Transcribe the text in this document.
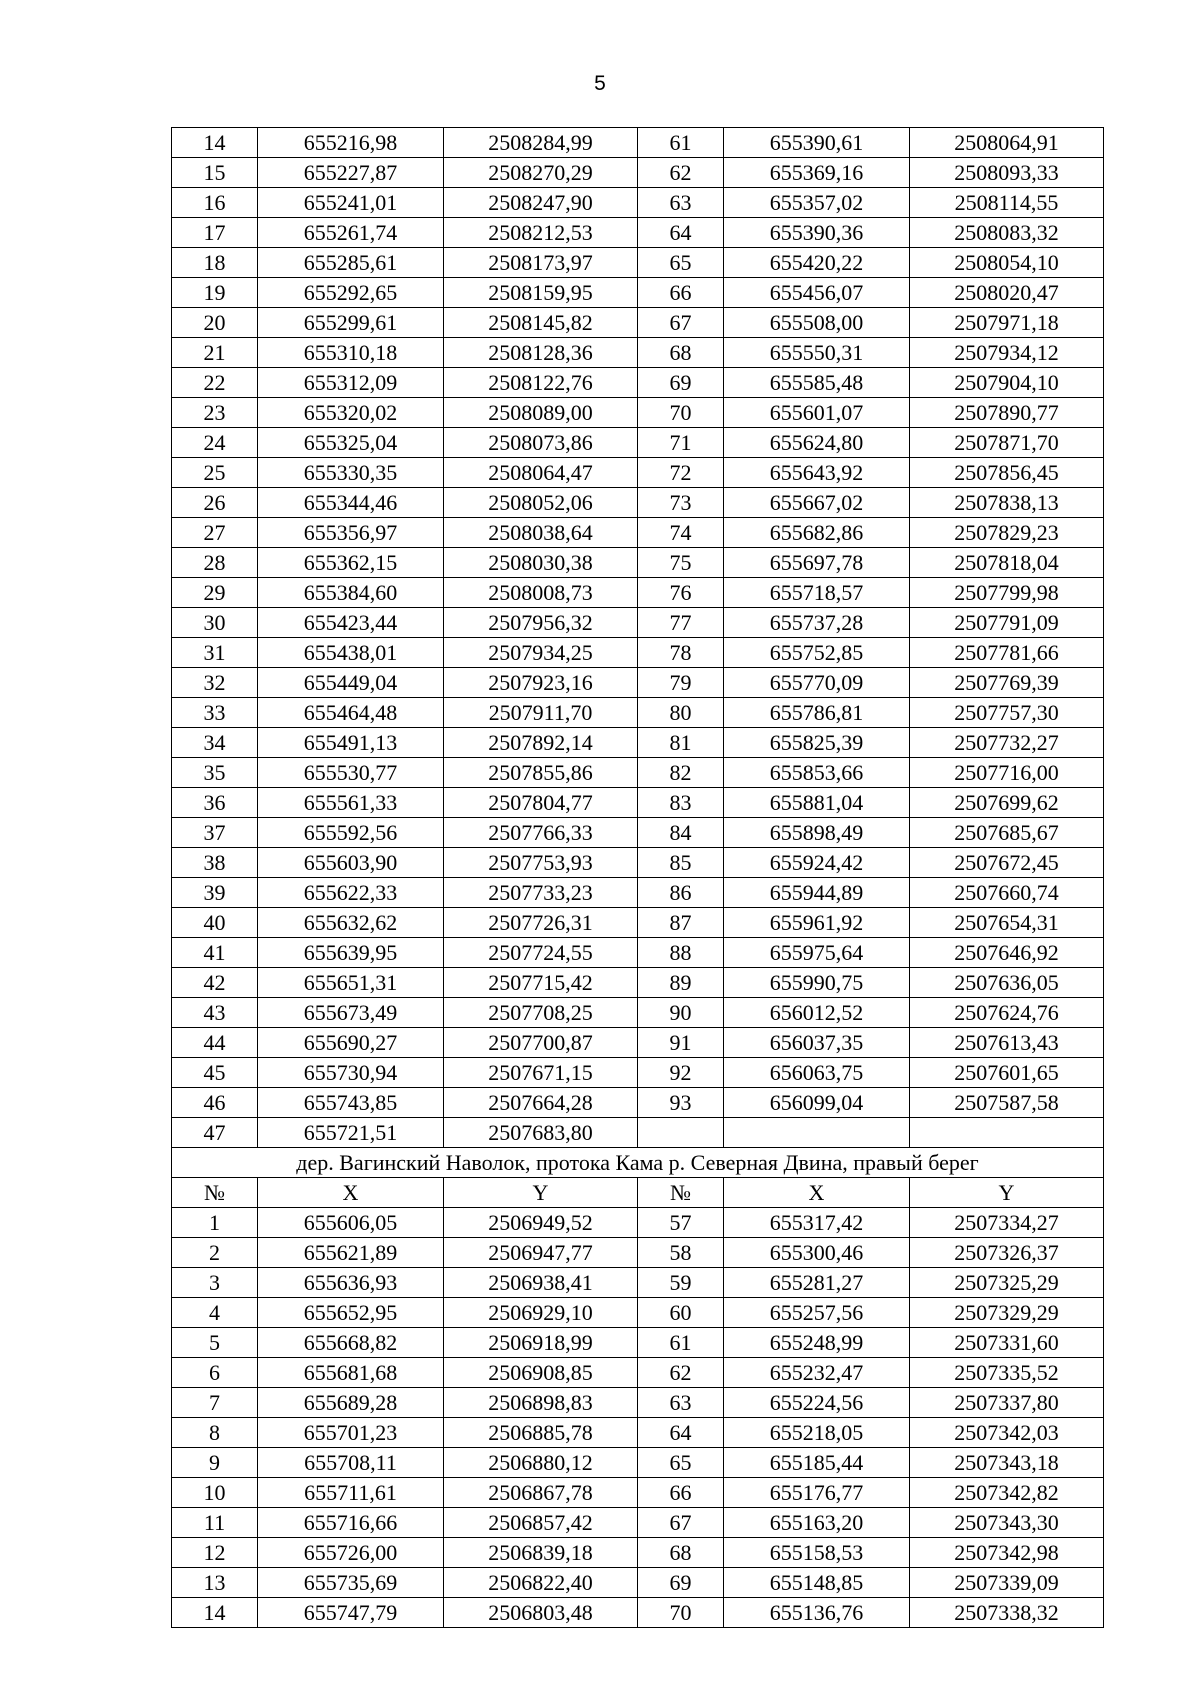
5
14	655216,98	2508284,99	61	655390,61	2508064,91
15	655227,87	2508270,29	62	655369,16	2508093,33
16	655241,01	2508247,90	63	655357,02	2508114,55
17	655261,74	2508212,53	64	655390,36	2508083,32
18	655285,61	2508173,97	65	655420,22	2508054,10
19	655292,65	2508159,95	66	655456,07	2508020,47
20	655299,61	2508145,82	67	655508,00	2507971,18
21	655310,18	2508128,36	68	655550,31	2507934,12
22	655312,09	2508122,76	69	655585,48	2507904,10
23	655320,02	2508089,00	70	655601,07	2507890,77
24	655325,04	2508073,86	71	655624,80	2507871,70
25	655330,35	2508064,47	72	655643,92	2507856,45
26	655344,46	2508052,06	73	655667,02	2507838,13
27	655356,97	2508038,64	74	655682,86	2507829,23
28	655362,15	2508030,38	75	655697,78	2507818,04
29	655384,60	2508008,73	76	655718,57	2507799,98
30	655423,44	2507956,32	77	655737,28	2507791,09
31	655438,01	2507934,25	78	655752,85	2507781,66
32	655449,04	2507923,16	79	655770,09	2507769,39
33	655464,48	2507911,70	80	655786,81	2507757,30
34	655491,13	2507892,14	81	655825,39	2507732,27
35	655530,77	2507855,86	82	655853,66	2507716,00
36	655561,33	2507804,77	83	655881,04	2507699,62
37	655592,56	2507766,33	84	655898,49	2507685,67
38	655603,90	2507753,93	85	655924,42	2507672,45
39	655622,33	2507733,23	86	655944,89	2507660,74
40	655632,62	2507726,31	87	655961,92	2507654,31
41	655639,95	2507724,55	88	655975,64	2507646,92
42	655651,31	2507715,42	89	655990,75	2507636,05
43	655673,49	2507708,25	90	656012,52	2507624,76
44	655690,27	2507700,87	91	656037,35	2507613,43
45	655730,94	2507671,15	92	656063,75	2507601,65
46	655743,85	2507664,28	93	656099,04	2507587,58
47	655721,51	2507683,80			
дер. Вагинский Наволок, протока Кама р. Северная Двина, правый берег					
№	X	Y	№	X	Y
1	655606,05	2506949,52	57	655317,42	2507334,27
2	655621,89	2506947,77	58	655300,46	2507326,37
3	655636,93	2506938,41	59	655281,27	2507325,29
4	655652,95	2506929,10	60	655257,56	2507329,29
5	655668,82	2506918,99	61	655248,99	2507331,60
6	655681,68	2506908,85	62	655232,47	2507335,52
7	655689,28	2506898,83	63	655224,56	2507337,80
8	655701,23	2506885,78	64	655218,05	2507342,03
9	655708,11	2506880,12	65	655185,44	2507343,18
10	655711,61	2506867,78	66	655176,77	2507342,82
11	655716,66	2506857,42	67	655163,20	2507343,30
12	655726,00	2506839,18	68	655158,53	2507342,98
13	655735,69	2506822,40	69	655148,85	2507339,09
14	655747,79	2506803,48	70	655136,76	2507338,32
